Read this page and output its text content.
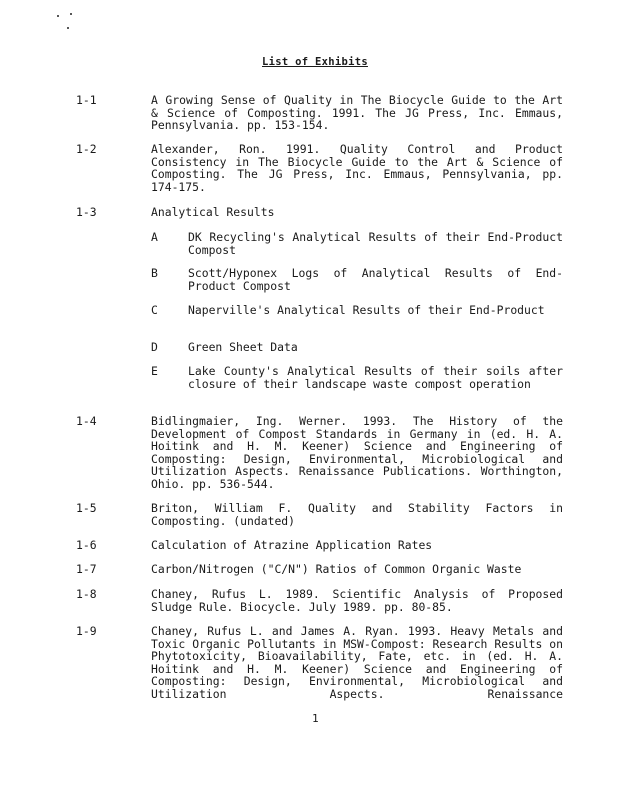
List of Exhibits
1-1	A Growing Sense of Quality in The Biocycle Guide to the Art & Science of Composting. 1991. The JG Press, Inc. Emmaus, Pennsylvania. pp. 153-154.
1-2	Alexander, Ron. 1991. Quality Control and Product Consistency in The Biocycle Guide to the Art & Science of Composting. The JG Press, Inc. Emmaus, Pennsylvania, pp. 174-175.
1-3	Analytical Results
A	DK Recycling's Analytical Results of their End-Product Compost
B	Scott/Hyponex Logs of Analytical Results of End-Product Compost
C	Naperville's Analytical Results of their End-Product
D	Green Sheet Data
E	Lake County's Analytical Results of their soils after closure of their landscape waste compost operation
1-4	Bidlingmaier, Ing. Werner. 1993. The History of the Development of Compost Standards in Germany in (ed. H. A. Hoitink and H. M. Keener) Science and Engineering of Composting: Design, Environmental, Microbiological and Utilization Aspects. Renaissance Publications. Worthington, Ohio. pp. 536-544.
1-5	Briton, William F. Quality and Stability Factors in Composting. (undated)
1-6	Calculation of Atrazine Application Rates
1-7	Carbon/Nitrogen ("C/N") Ratios of Common Organic Waste
1-8	Chaney, Rufus L. 1989. Scientific Analysis of Proposed Sludge Rule. Biocycle. July 1989. pp. 80-85.
1-9	Chaney, Rufus L. and James A. Ryan. 1993. Heavy Metals and Toxic Organic Pollutants in MSW-Compost: Research Results on Phytotoxicity, Bioavailability, Fate, etc. in (ed. H. A. Hoitink and H. M. Keener) Science and Engineering of Composting: Design, Environmental, Microbiological and Utilization Aspects. Renaissance
1
